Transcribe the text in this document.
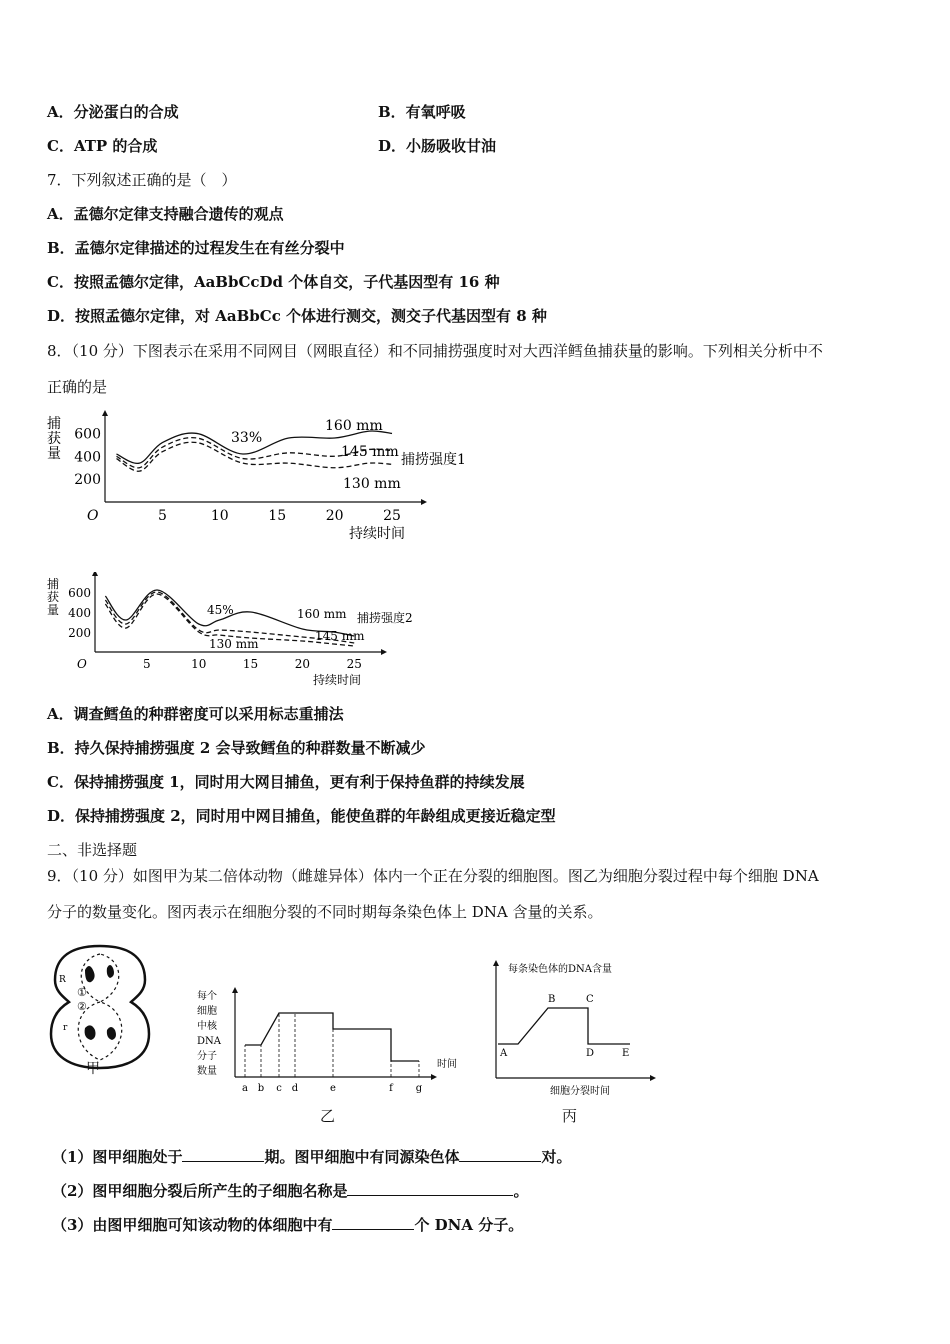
A．分泌蛋白的合成	B．有氧呼吸
C．ATP 的合成	D．小肠吸收甘油
7．下列叙述正确的是（　）
A．孟德尔定律支持融合遗传的观点
B．孟德尔定律描述的过程发生在有丝分裂中
C．按照孟德尔定律，AaBbCcDd 个体自交，子代基因型有 16 种
D．按照孟德尔定律，对 AaBbCc 个体进行测交，测交子代基因型有 8 种
8．（10 分）下图表示在采用不同网目（网眼直径）和不同捕捞强度时对大西洋鳕鱼捕获量的影响。下列相关分析中不
正确的是
200
400
600
5	10	15	20	25
O
捕
获
量
持续时间
160 mm
145 mm
130 mm
33%
捕捞强度1
200
400
600
5	10	15	20	25
O
捕
获
量
持续时间
160 mm
145 mm
130 mm
45%
捕捞强度2
A．调查鳕鱼的种群密度可以采用标志重捕法
B．持久保持捕捞强度 2 会导致鳕鱼的种群数量不断减少
C．保持捕捞强度 1，同时用大网目捕鱼，更有利于保持鱼群的持续发展
D．保持捕捞强度 2，同时用中网目捕鱼，能使鱼群的年龄组成更接近稳定型
二、非选择题
9．（10 分）如图甲为某二倍体动物（雌雄异体）体内一个正在分裂的细胞图。图乙为细胞分裂过程中每个细胞 DNA
分子的数量变化。图丙表示在细胞分裂的不同时期每条染色体上 DNA 含量的关系。
R
r
①
②
甲
每个
细胞
中核
DNA
分子
数量
时间
a b c d	e	f g
乙
每条染色体的DNA含量
细胞分裂时间
A
B	C
D	E
丙
（1）图甲细胞处于	期。图甲细胞中有同源染色体	对。
（2）图甲细胞分裂后所产生的子细胞名称是	。
（3）由图甲细胞可知该动物的体细胞中有	个 DNA 分子。
